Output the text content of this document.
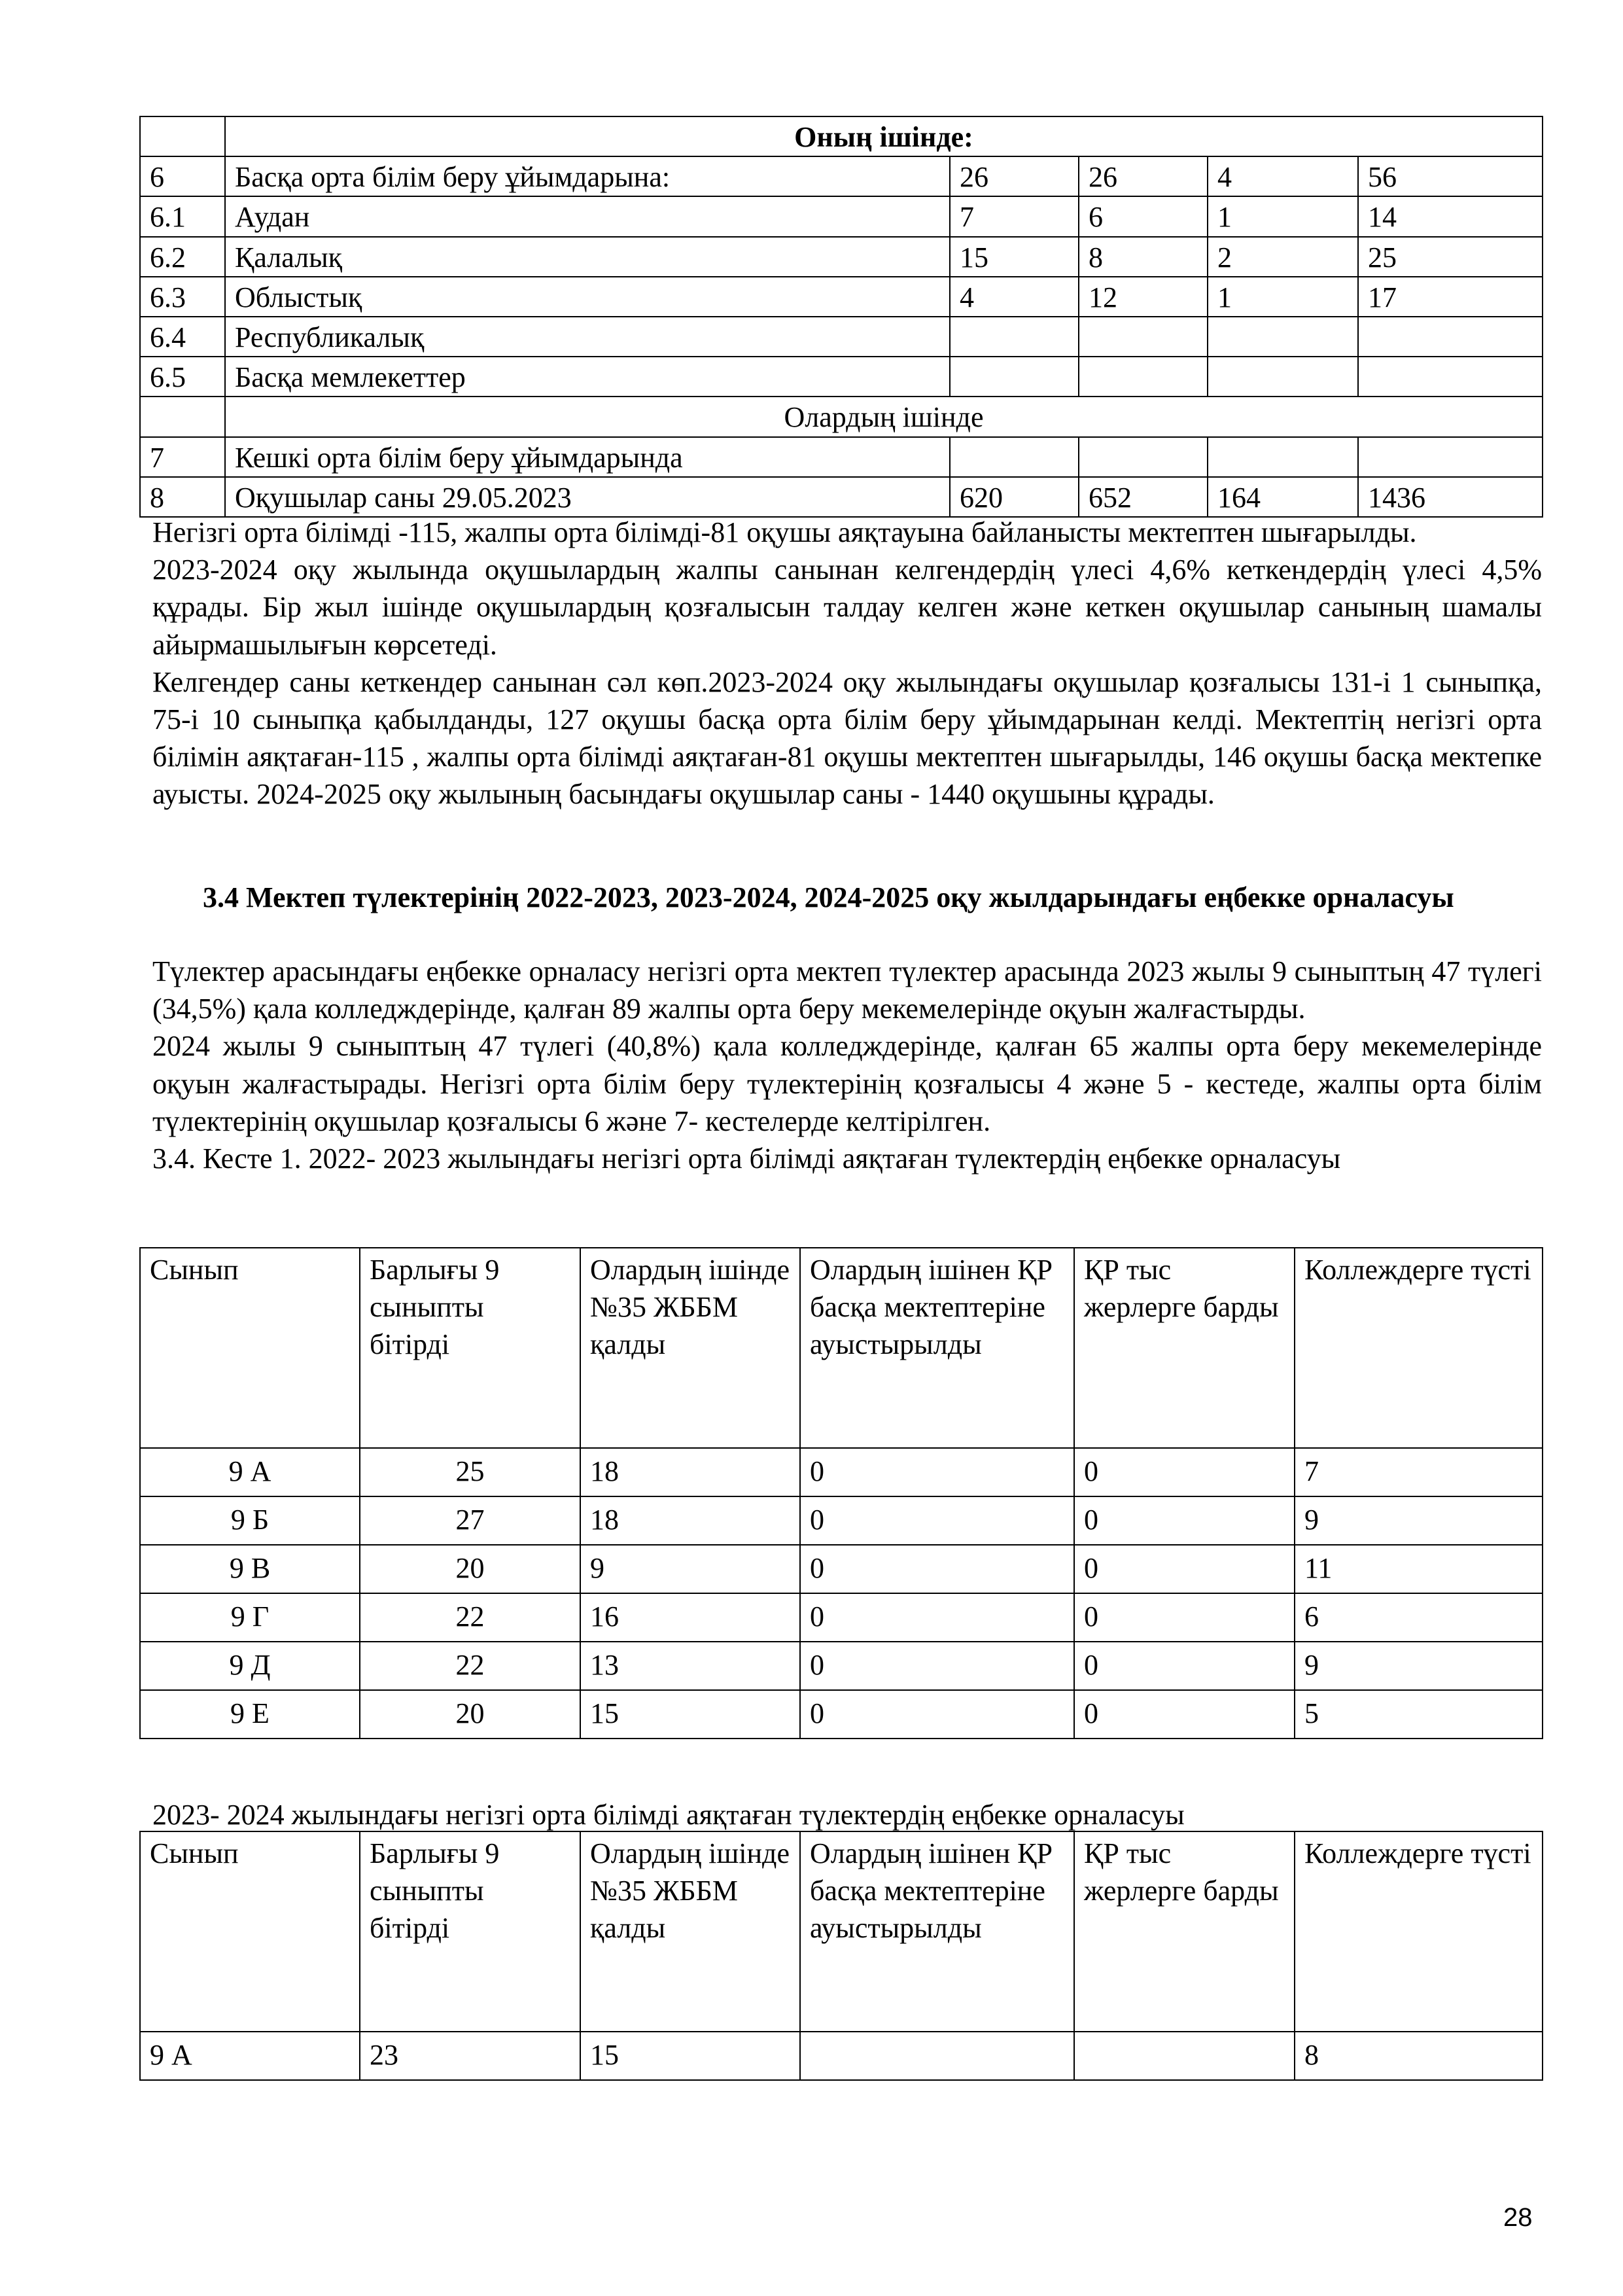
	Оның ішінде:				
6	Басқа орта білім беру ұйымдарына:	26	26	4	56
6.1	Аудан	7	6	1	14
6.2	Қалалық	15	8	2	25
6.3	Облыстық	4	12	1	17
6.4	Республикалық				
6.5	Басқа мемлекеттер				
	Олардың ішінде				
7	Кешкі орта білім беру ұйымдарында				
8	Оқушылар саны 29.05.2023	620	652	164	1436

Негізгі орта білімді -115, жалпы орта білімді-81 оқушы аяқтауына байланысты мектептен шығарылды.

2023-2024 оқу жылында оқушылардың жалпы санынан келгендердің үлесі 4,6% кеткендердің үлесі 4,5% құрады. Бір жыл ішінде оқушылардың қозғалысын талдау келген және кеткен оқушылар санының шамалы айырмашылығын көрсетеді.

Келгендер саны кеткендер санынан сәл көп.2023-2024 оқу жылындағы оқушылар қозғалысы 131-і 1 сыныпқа, 75-і 10 сыныпқа қабылданды, 127 оқушы басқа орта білім беру ұйымдарынан келді. Мектептің негізгі орта білімін аяқтаған-115 , жалпы орта білімді аяқтаған-81 оқушы мектептен шығарылды, 146 оқушы басқа мектепке ауысты. 2024-2025 оқу жылының басындағы оқушылар саны - 1440 оқушыны құрады.

3.4 Мектеп түлектерінің 2022-2023, 2023-2024, 2024-2025 оқу жылдарындағы еңбекке орналасуы

Түлектер арасындағы еңбекке орналасу негізгі орта мектеп түлектер арасында 2023 жылы 9 сыныптың 47 түлегі (34,5%) қала колледждерінде, қалған 89 жалпы орта беру мекемелерінде оқуын жалғастырды.

2024 жылы 9 сыныптың 47 түлегі (40,8%) қала колледждерінде, қалған 65 жалпы орта беру мекемелерінде оқуын жалғастырады. Негізгі орта білім беру түлектерінің қозғалысы 4 және 5 - кестеде, жалпы орта білім түлектерінің оқушылар қозғалысы 6 және 7- кестелерде келтірілген.

3.4. Кесте 1. 2022- 2023 жылындағы негізгі орта білімді аяқтаған түлектердің еңбекке орналасуы

Сынып	Барлығы 9 сыныпты бітірді	Олардың ішінде №35 ЖББМ қалды	Олардың ішінен ҚР басқа мектептеріне ауыстырылды	ҚР тыс жерлерге барды	Коллеждерге түсті
9 А	25	18	0	0	7
9 Б	27	18	0	0	9
9 В	20	9	0	0	11
9 Г	22	16	0	0	6
9 Д	22	13	0	0	9
9 Е	20	15	0	0	5
2023- 2024 жылындағы негізгі орта білімді аяқтаған түлектердің еңбекке орналасуы
Сынып	Барлығы 9 сыныпты бітірді	Олардың ішінде №35 ЖББМ қалды	Олардың ішінен ҚР басқа мектептеріне ауыстырылды	ҚР тыс жерлерге барды	Коллеждерге түсті
9 А	23	15			8
28
